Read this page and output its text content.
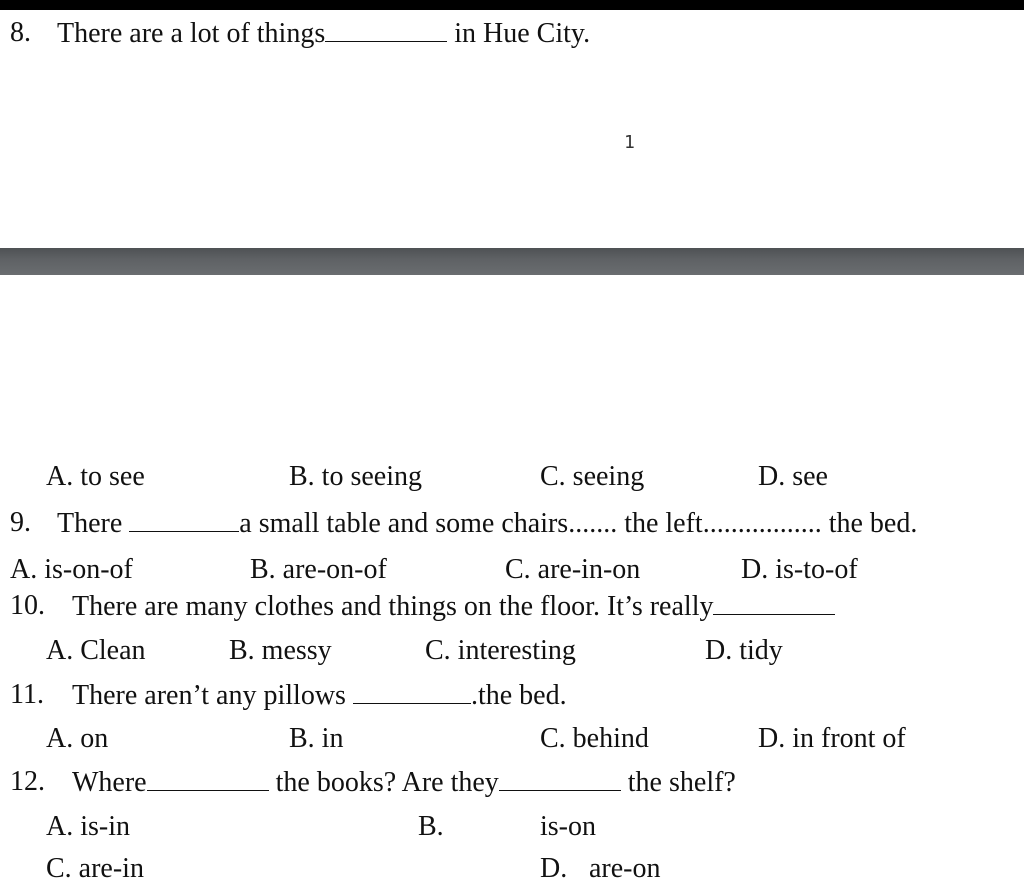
8. There are a lot of things	in Hue City.
1
A. to see	B. to seeing	C. seeing	D. see
9. There	a small table and some chairs....... the left................. the bed.
A. is-on-of	B. are-on-of	C. are-in-on	D. is-to-of
10. There are many clothes and things on the floor. It’s really
A. Clean	B. messy	C. interesting	D. tidy
11. There aren’t any pillows	.the bed.
A. on	B. in	C. behind	D. in front of
12. Where	the books? Are they	the shelf?
A. is-in	B.	is-on
C. are-in	D. are-on
